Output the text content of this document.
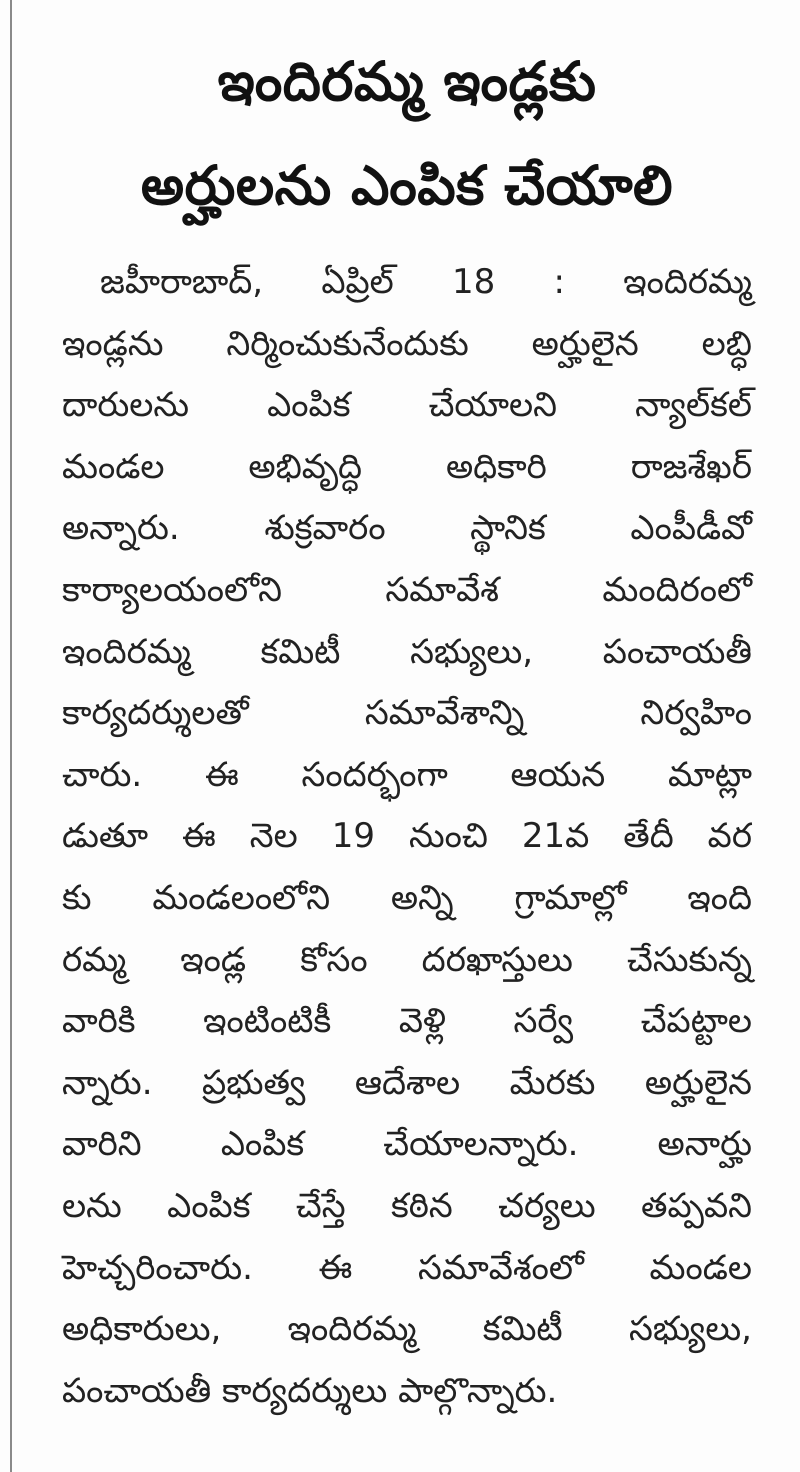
ఇందిరమ్మ ఇండ్లకు
అర్హులను ఎంపిక చేయాలి
జహీరాబాద్, ఏప్రిల్ 18 : ఇందిరమ్మ
ఇండ్లను నిర్మించుకునేందుకు అర్హులైన లబ్ధి
దారులను ఎంపిక చేయాలని న్యాల్‌కల్
మండల అభివృద్ధి అధికారి రాజశేఖర్
అన్నారు. శుక్రవారం స్థానిక ఎంపీడీవో
కార్యాలయంలోని సమావేశ మందిరంలో
ఇందిరమ్మ కమిటీ సభ్యులు, పంచాయతీ
కార్యదర్శులతో సమావేశాన్ని నిర్వహిం
చారు. ఈ సందర్భంగా ఆయన మాట్లా
డుతూ ఈ నెల 19 నుంచి 21వ తేదీ వర
కు మండలంలోని అన్ని గ్రామాల్లో ఇంది
రమ్మ ఇండ్ల కోసం దరఖాస్తులు చేసుకున్న
వారికి ఇంటింటికీ వెళ్లి సర్వే చేపట్టాల
న్నారు. ప్రభుత్వ ఆదేశాల మేరకు అర్హులైన
వారిని ఎంపిక చేయాలన్నారు. అనార్హు
లను ఎంపిక చేస్తే కఠిన చర్యలు తప్పవని
హెచ్చరించారు. ఈ సమావేశంలో మండల
అధికారులు, ఇందిరమ్మ కమిటీ సభ్యులు,
పంచాయతీ కార్యదర్శులు పాల్గొన్నారు.
